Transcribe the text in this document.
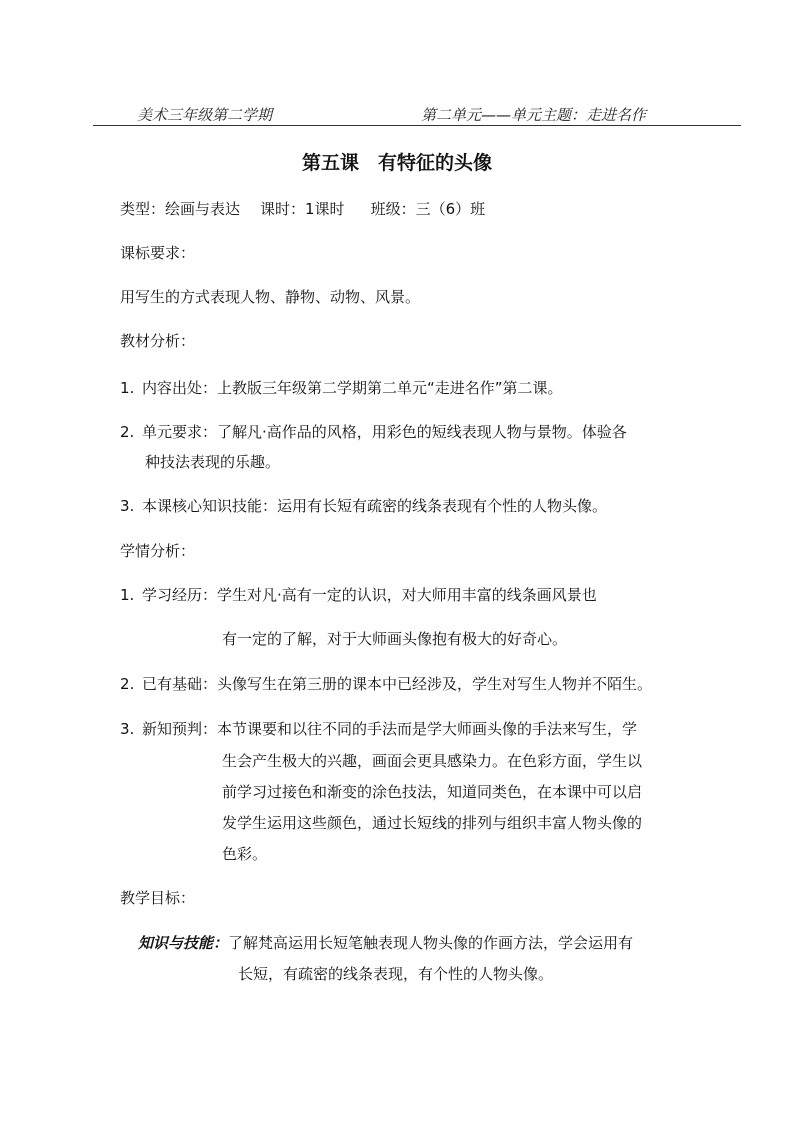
美术三年级第二学期	第二单元——单元主题：走进名作
第五课　有特征的头像
类型：绘画与表达 课时：1课时 班级：三（6）班
课标要求：
用写生的方式表现人物、静物、动物、风景。
教材分析：
1. 内容出处：上教版三年级第二学期第二单元“走进名作”第二课。
2. 单元要求：了解凡·高作品的风格，用彩色的短线表现人物与景物。体验各
种技法表现的乐趣。
3. 本课核心知识技能：运用有长短有疏密的线条表现有个性的人物头像。
学情分析：
1. 学习经历：学生对凡·高有一定的认识，对大师用丰富的线条画风景也
有一定的了解，对于大师画头像抱有极大的好奇心。
2. 已有基础：头像写生在第三册的课本中已经涉及，学生对写生人物并不陌生。
3. 新知预判：本节课要和以往不同的手法而是学大师画头像的手法来写生，学
生会产生极大的兴趣，画面会更具感染力。在色彩方面，学生以
前学习过接色和渐变的涂色技法，知道同类色，在本课中可以启
发学生运用这些颜色，通过长短线的排列与组织丰富人物头像的
色彩。
教学目标：
知识与技能：了解梵高运用长短笔触表现人物头像的作画方法，学会运用有
长短，有疏密的线条表现，有个性的人物头像。
